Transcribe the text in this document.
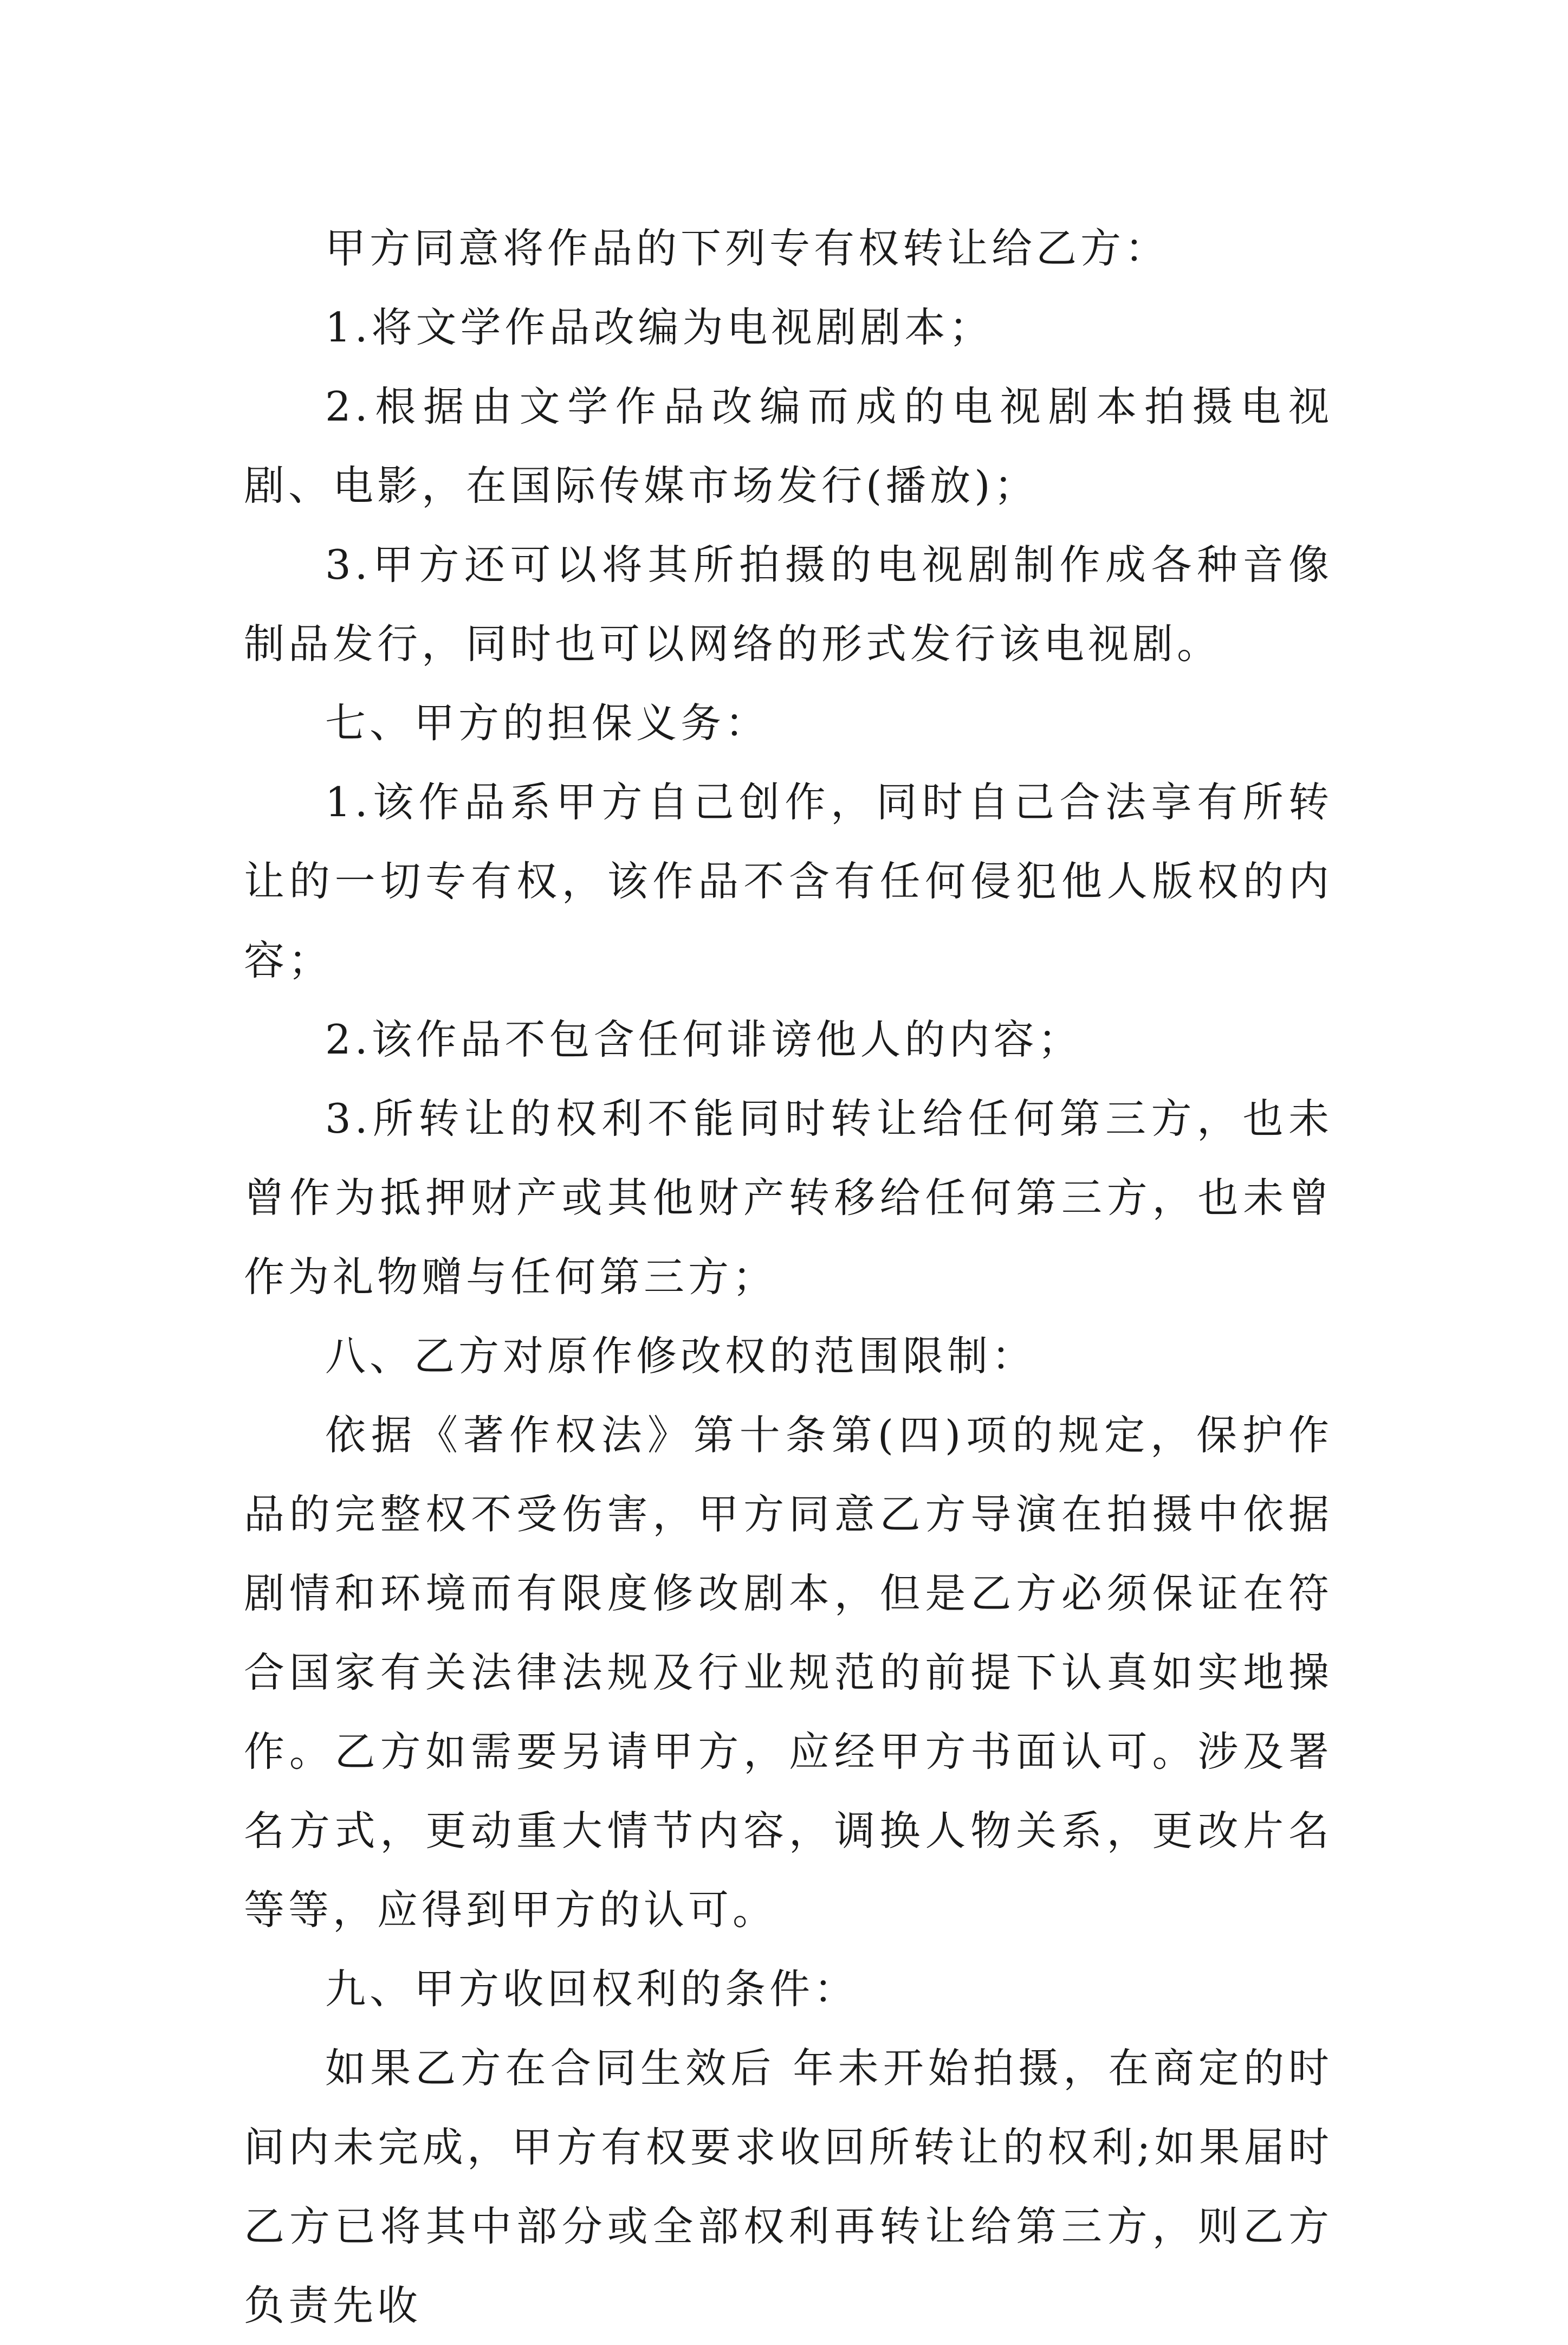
甲方同意将作品的下列专有权转让给乙方：

1.将文学作品改编为电视剧剧本；

2.根据由文学作品改编而成的电视剧本拍摄电视剧、电影，在国际传媒市场发行(播放)；

3.甲方还可以将其所拍摄的电视剧制作成各种音像制品发行，同时也可以网络的形式发行该电视剧。

七、甲方的担保义务：

1.该作品系甲方自己创作，同时自己合法享有所转让的一切专有权，该作品不含有任何侵犯他人版权的内容；

2.该作品不包含任何诽谤他人的内容；

3.所转让的权利不能同时转让给任何第三方，也未曾作为抵押财产或其他财产转移给任何第三方，也未曾作为礼物赠与任何第三方；

八、乙方对原作修改权的范围限制：

依据《著作权法》第十条第(四)项的规定，保护作品的完整权不受伤害，甲方同意乙方导演在拍摄中依据剧情和环境而有限度修改剧本，但是乙方必须保证在符合国家有关法律法规及行业规范的前提下认真如实地操作。乙方如需要另请甲方，应经甲方书面认可。涉及署名方式，更动重大情节内容，调换人物关系，更改片名等等，应得到甲方的认可。

九、甲方收回权利的条件：

如果乙方在合同生效后 年未开始拍摄，在商定的时间内未完成，甲方有权要求收回所转让的权利;如果届时乙方已将其中部分或全部权利再转让给第三方，则乙方负责先收
